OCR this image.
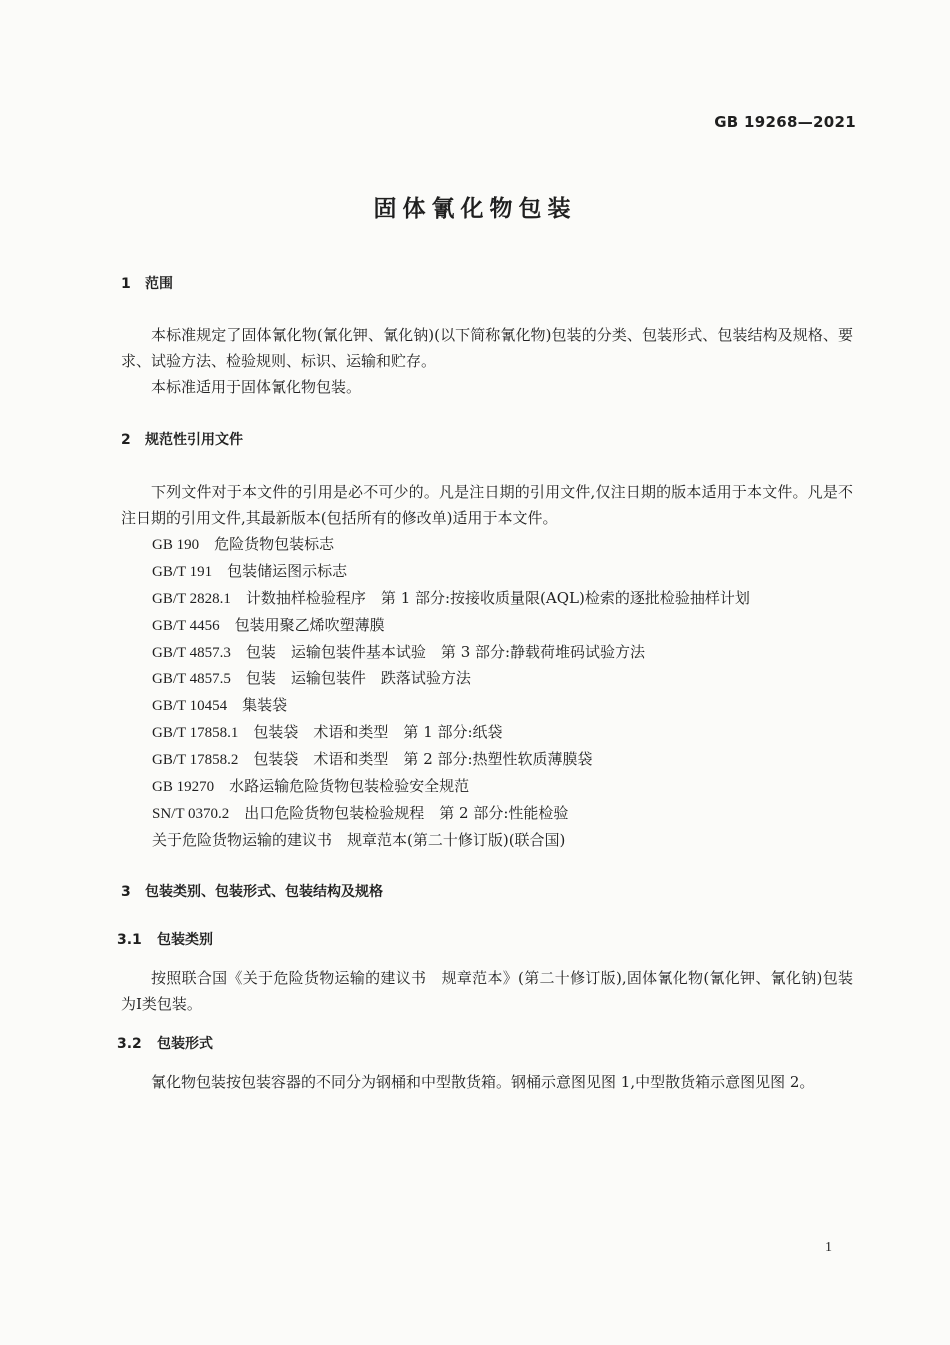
GB 19268—2021
固体氰化物包装
1 范围

本标准规定了固体氰化物(氰化钾、氰化钠)(以下简称氰化物)包装的分类、包装形式、包装结构及规格、要求、试验方法、检验规则、标识、运输和贮存。

本标准适用于固体氰化物包装。

2 规范性引用文件

下列文件对于本文件的引用是必不可少的。凡是注日期的引用文件,仅注日期的版本适用于本文件。凡是不注日期的引用文件,其最新版本(包括所有的修改单)适用于本文件。

GB 190　 危险货物包装标志
GB/T 191　 包装储运图示标志
GB/T 2828.1　 计数抽样检验程序　第 1 部分:按接收质量限(AQL)检索的逐批检验抽样计划
GB/T 4456　 包装用聚乙烯吹塑薄膜
GB/T 4857.3　 包装　运输包装件基本试验　第 3 部分:静载荷堆码试验方法
GB/T 4857.5　 包装　运输包装件　跌落试验方法
GB/T 10454　 集装袋
GB/T 17858.1　 包装袋　术语和类型　第 1 部分:纸袋
GB/T 17858.2　 包装袋　术语和类型　第 2 部分:热塑性软质薄膜袋
GB 19270　 水路运输危险货物包装检验安全规范
SN/T 0370.2　 出口危险货物包装检验规程　第 2 部分:性能检验
关于危险货物运输的建议书　规章范本(第二十修订版)(联合国)
3 包装类别、包装形式、包装结构及规格
3.1 包装类别

按照联合国《关于危险货物运输的建议书　规章范本》(第二十修订版),固体氰化物(氰化钾、氰化钠)包装为Ⅰ类包装。

3.2 包装形式

氰化物包装按包装容器的不同分为钢桶和中型散货箱。钢桶示意图见图 1,中型散货箱示意图见图 2。

1
